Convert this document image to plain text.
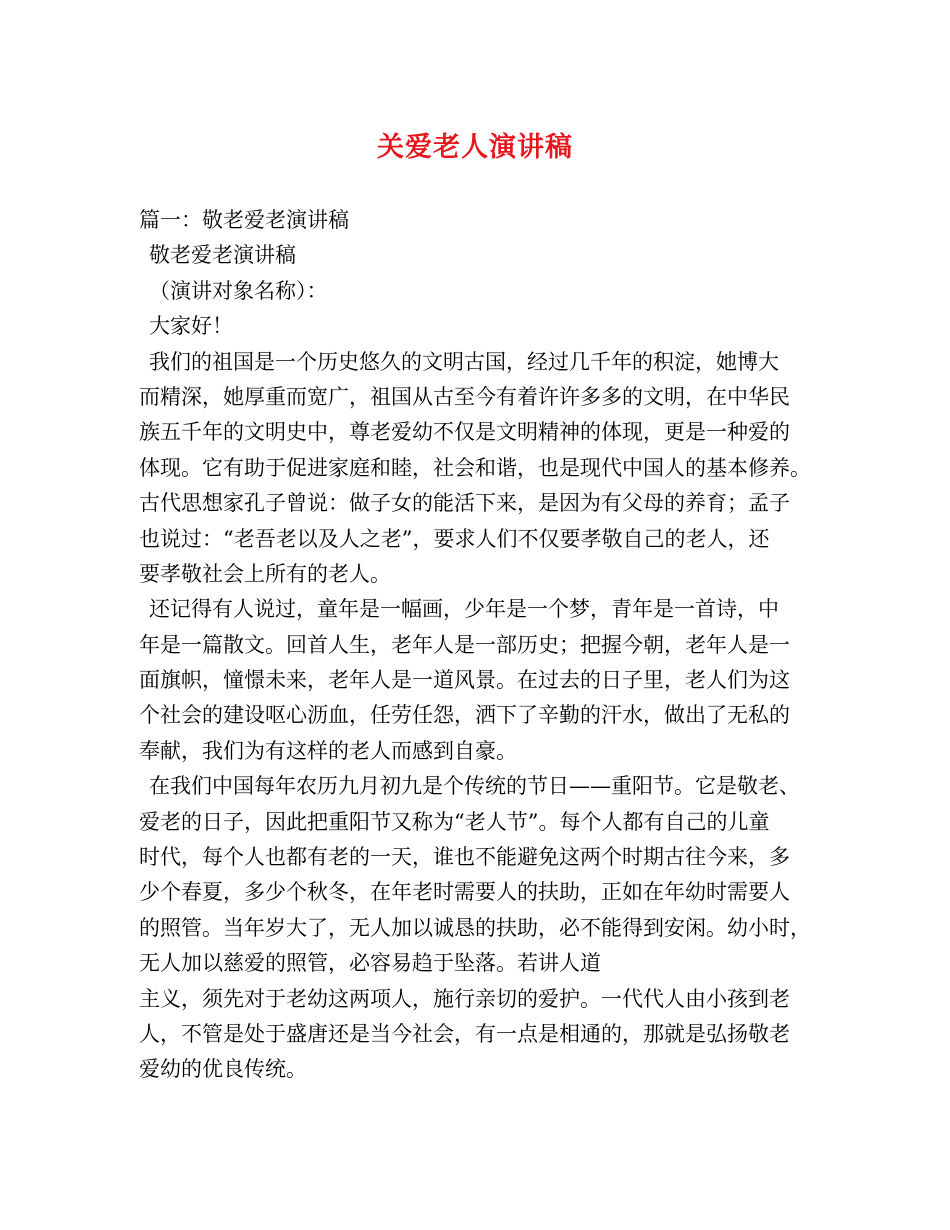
关爱老人演讲稿
篇一：敬老爱老演讲稿
敬老爱老演讲稿
（演讲对象名称）：
大家好！
我们的祖国是一个历史悠久的文明古国，经过几千年的积淀，她博大
而精深，她厚重而宽广，祖国从古至今有着许许多多的文明，在中华民
族五千年的文明史中，尊老爱幼不仅是文明精神的体现，更是一种爱的
体现。它有助于促进家庭和睦，社会和谐，也是现代中国人的基本修养。
古代思想家孔子曾说：做子女的能活下来，是因为有父母的养育；孟子
也说过：“老吾老以及人之老”，要求人们不仅要孝敬自己的老人，还
要孝敬社会上所有的老人。
还记得有人说过，童年是一幅画，少年是一个梦，青年是一首诗，中
年是一篇散文。回首人生，老年人是一部历史；把握今朝，老年人是一
面旗帜，憧憬未来，老年人是一道风景。在过去的日子里，老人们为这
个社会的建设呕心沥血，任劳任怨，洒下了辛勤的汗水，做出了无私的
奉献，我们为有这样的老人而感到自豪。
在我们中国每年农历九月初九是个传统的节日——重阳节。它是敬老、
爱老的日子，因此把重阳节又称为“老人节”。每个人都有自己的儿童
时代，每个人也都有老的一天，谁也不能避免这两个时期古往今来，多
少个春夏，多少个秋冬，在年老时需要人的扶助，正如在年幼时需要人
的照管。当年岁大了，无人加以诚恳的扶助，必不能得到安闲。幼小时，
无人加以慈爱的照管，必容易趋于坠落。若讲人道
主义，须先对于老幼这两项人，施行亲切的爱护。一代代人由小孩到老
人，不管是处于盛唐还是当今社会，有一点是相通的，那就是弘扬敬老
爱幼的优良传统。
